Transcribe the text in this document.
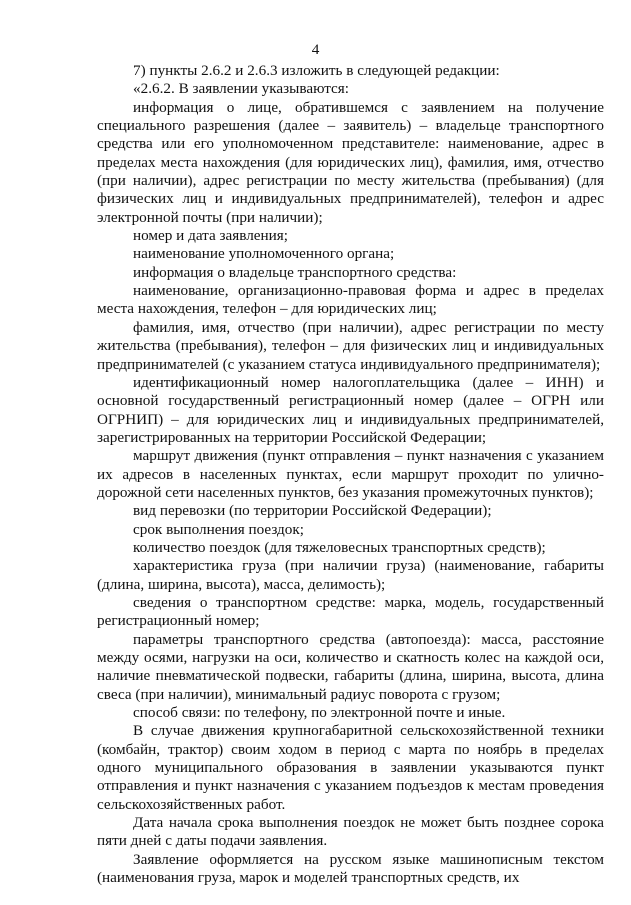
4

7) пункты 2.6.2 и 2.6.3 изложить в следующей редакции:

«2.6.2. В заявлении указываются:

информация о лице, обратившемся с заявлением на получение специального разрешения (далее – заявитель) – владельце транспортного средства или его уполномоченном представителе: наименование, адрес в пределах места нахождения (для юридических лиц), фамилия, имя, отчество (при наличии), адрес регистрации по месту жительства (пребывания) (для физических лиц и индивидуальных предпринимателей), телефон и адрес электронной почты (при наличии);

номер и дата заявления;

наименование уполномоченного органа;

информация о владельце транспортного средства:

наименование, организационно-правовая форма и адрес в пределах места нахождения, телефон – для юридических лиц;

фамилия, имя, отчество (при наличии), адрес регистрации по месту жительства (пребывания), телефон – для физических лиц и индивидуальных предпринимателей (с указанием статуса индивидуального предпринимателя);

идентификационный номер налогоплательщика (далее – ИНН) и основной государственный регистрационный номер (далее – ОГРН или ОГРНИП) – для юридических лиц и индивидуальных предпринимателей, зарегистрированных на территории Российской Федерации;

маршрут движения (пункт отправления – пункт назначения с указанием их адресов в населенных пунктах, если маршрут проходит по улично-дорожной сети населенных пунктов, без указания промежуточных пунктов);

вид перевозки (по территории Российской Федерации);

срок выполнения поездок;

количество поездок (для тяжеловесных транспортных средств);

характеристика груза (при наличии груза) (наименование, габариты (длина, ширина, высота), масса, делимость);

сведения о транспортном средстве: марка, модель, государственный регистрационный номер;

параметры транспортного средства (автопоезда): масса, расстояние между осями, нагрузки на оси, количество и скатность колес на каждой оси, наличие пневматической подвески, габариты (длина, ширина, высота, длина свеса (при наличии), минимальный радиус поворота с грузом;

способ связи: по телефону, по электронной почте и иные.

В случае движения крупногабаритной сельскохозяйственной техники (комбайн, трактор) своим ходом в период с марта по ноябрь в пределах одного муниципального образования в заявлении указываются пункт отправления и пункт назначения с указанием подъездов к местам проведения сельскохозяйственных работ.

Дата начала срока выполнения поездок не может быть позднее сорока пяти дней с даты подачи заявления.

Заявление оформляется на русском языке машинописным текстом (наименования груза, марок и моделей транспортных средств, их
